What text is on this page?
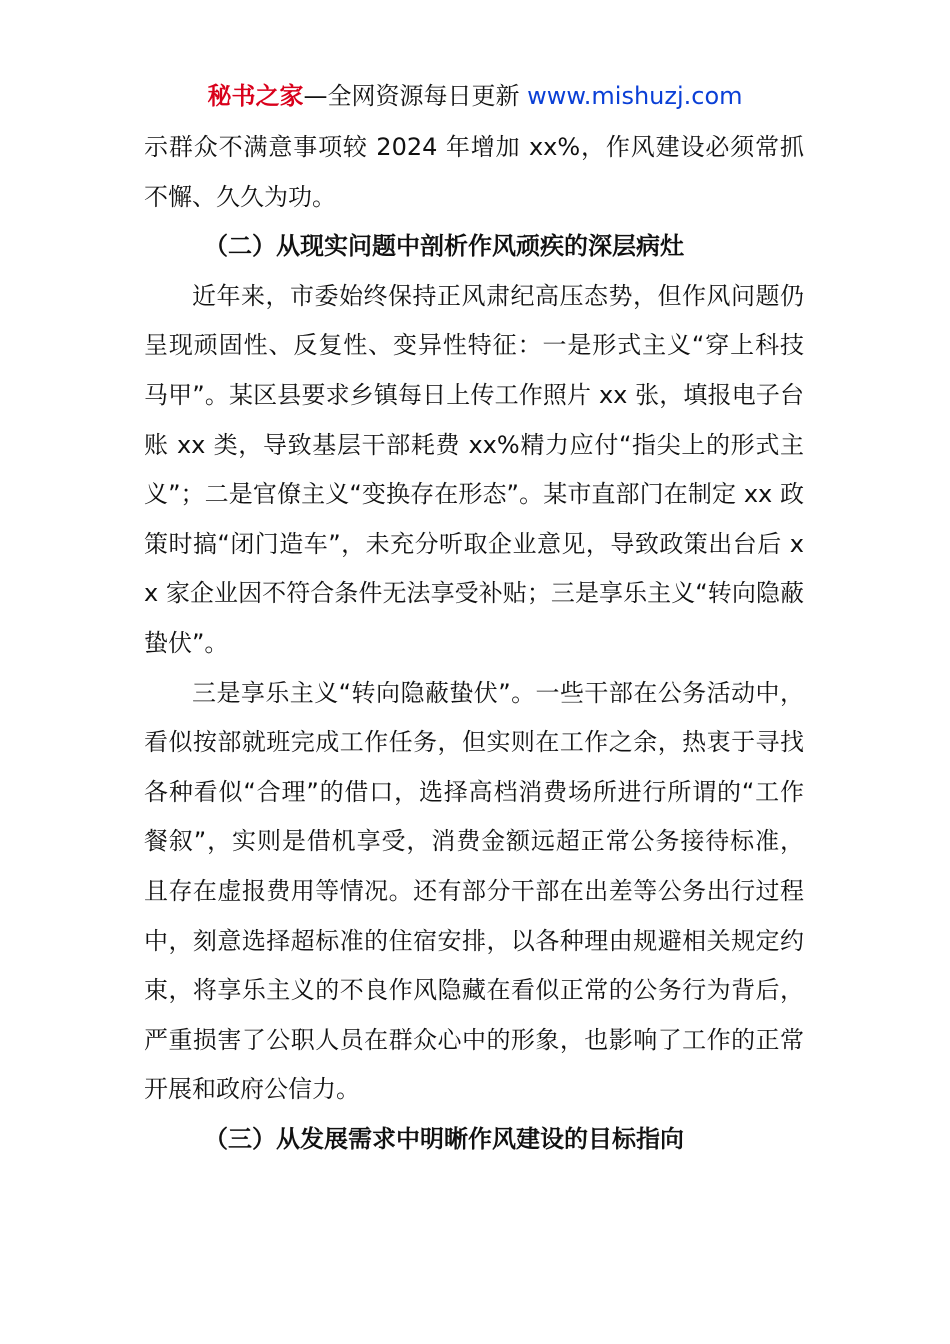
秘书之家—全网资源每日更新 www.mishuzj.com

示群众不满意事项较 2024 年增加 xx%，作风建设必须常抓不懈、久久为功。

（二）从现实问题中剖析作风顽疾的深层病灶

近年来，市委始终保持正风肃纪高压态势，但作风问题仍呈现顽固性、反复性、变异性特征：一是形式主义“穿上科技马甲”。某区县要求乡镇每日上传工作照片 xx 张，填报电子台账 xx 类，导致基层干部耗费 xx%精力应付“指尖上的形式主义”；二是官僚主义“变换存在形态”。某市直部门在制定 xx 政策时搞“闭门造车”，未充分听取企业意见，导致政策出台后 xx 家企业因不符合条件无法享受补贴；三是享乐主义“转向隐蔽蛰伏”。

三是享乐主义“转向隐蔽蛰伏”。一些干部在公务活动中，看似按部就班完成工作任务，但实则在工作之余，热衷于寻找各种看似“合理”的借口，选择高档消费场所进行所谓的“工作餐叙”，实则是借机享受，消费金额远超正常公务接待标准，且存在虚报费用等情况。还有部分干部在出差等公务出行过程中，刻意选择超标准的住宿安排，以各种理由规避相关规定约束，将享乐主义的不良作风隐藏在看似正常的公务行为背后，严重损害了公职人员在群众心中的形象，也影响了工作的正常开展和政府公信力。

（三）从发展需求中明晰作风建设的目标指向
